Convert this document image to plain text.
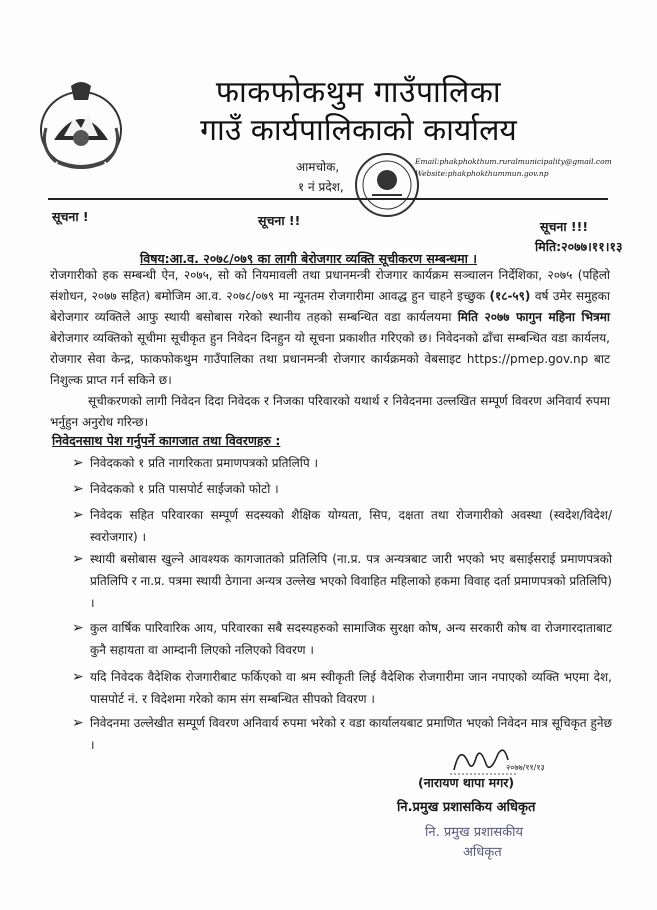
फाकफोकथुम गाउँपालिका
गाउँ कार्यपालिकाको कार्यालय
आमचोक,
१ नं प्रदेश,
Email:phakphokthum.ruralmunicipality@gmail.com
Website:phakphokthummun.gov.np
सूचना !	सूचना !!	सूचना !!!
मिति:२०७७।११।१३
विषय:आ.व. २०७८/०७९ का लागी बेरोजगार व्यक्ति सूचीकरण सम्बन्धमा ।

रोजगारीको हक सम्बन्धी ऐन, २०७५, सो को नियमावली तथा प्रधानमन्त्री रोजगार कार्यक्रम सञ्चालन निर्देशिका, २०७५ (पहिलो संशोधन, २०७७ सहित) बमोजिम आ.व. २०७८/०७९ मा न्यूनतम रोजगारीमा आवद्ध हुन चाहने इच्छुक (१८-५९) वर्ष उमेर समुहका बेरोजगार व्यक्तिले आफु स्थायी बसोबास गरेको स्थानीय तहको सम्बन्धित वडा कार्यलयमा मिति २०७७ फागुन महिना भित्रमा बेरोजगार व्यक्तिको सूचीमा सूचीकृत हुन निवेदन दिनहुन यो सूचना प्रकाशीत गरिएको छ। निवेदनको ढाँचा सम्बन्धित वडा कार्यलय, रोजगार सेवा केन्द्र, फाकफोकथुम गाउँपालिका तथा प्रधानमन्त्री रोजगार कार्यक्रमको वेबसाइट https://pmep.gov.np बाट निशुल्क प्राप्त गर्न सकिने छ।

सूचीकरणको लागी निवेदन दिदा निवेदक र निजका परिवारको यथार्थ र निवेदनमा उल्लखित सम्पूर्ण विवरण अनिवार्य रुपमा भर्नुहुन अनुरोध गरिन्छ।

निवेदनसाथ पेश गर्नुपर्ने कागजात तथा विवरणहरु :
➢ निवेदकको १ प्रति नागरिकता प्रमाणपत्रको प्रतिलिपि ।
➢ निवेदकको १ प्रति पासपोर्ट साईजको फोटो ।
➢ निवेदक सहित परिवारका सम्पूर्ण सदस्यको शैक्षिक योग्यता, सिप, दक्षता तथा रोजगारीको अवस्था (स्वदेश/विदेश/स्वरोजगार) ।
➢ स्थायी बसोबास खुल्ने आवश्यक कागजातको प्रतिलिपि (ना.प्र. पत्र अन्यत्रबाट जारी भएको भए बसाईसराई प्रमाणपत्रको प्रतिलिपि र ना.प्र. पत्रमा स्थायी ठेगाना अन्यत्र उल्लेख भएको विवाहित महिलाको हकमा विवाह दर्ता प्रमाणपत्रको प्रतिलिपि) ।
➢ कुल वार्षिक पारिवारिक आय, परिवारका सबै सदस्यहरुको सामाजिक सुरक्षा कोष, अन्य सरकारी कोष वा रोजगारदाताबाट कुनै सहायता वा आम्दानी लिएको नलिएको विवरण ।
➢ यदि निवेदक वैदेशिक रोजगारीबाट फर्किएको वा श्रम स्वीकृती लिई वैदेशिक रोजगारीमा जान नपाएको व्यक्ति भएमा देश, पासपोर्ट नं. र विदेशमा गरेको काम संग सम्बन्धित सीपको विवरण ।
➢ निवेदनमा उल्लेखीत सम्पूर्ण विवरण अनिवार्य रुपमा भरेको र वडा कार्यालयबाट प्रमाणित भएको निवेदन मात्र सूचिकृत हुनेछ ।
२०७७/११/१३
(नारायण थापा मगर)
नि.प्रमुख प्रशासकिय अधिकृत
नि. प्रमुख प्रशासकीय
अधिकृत
